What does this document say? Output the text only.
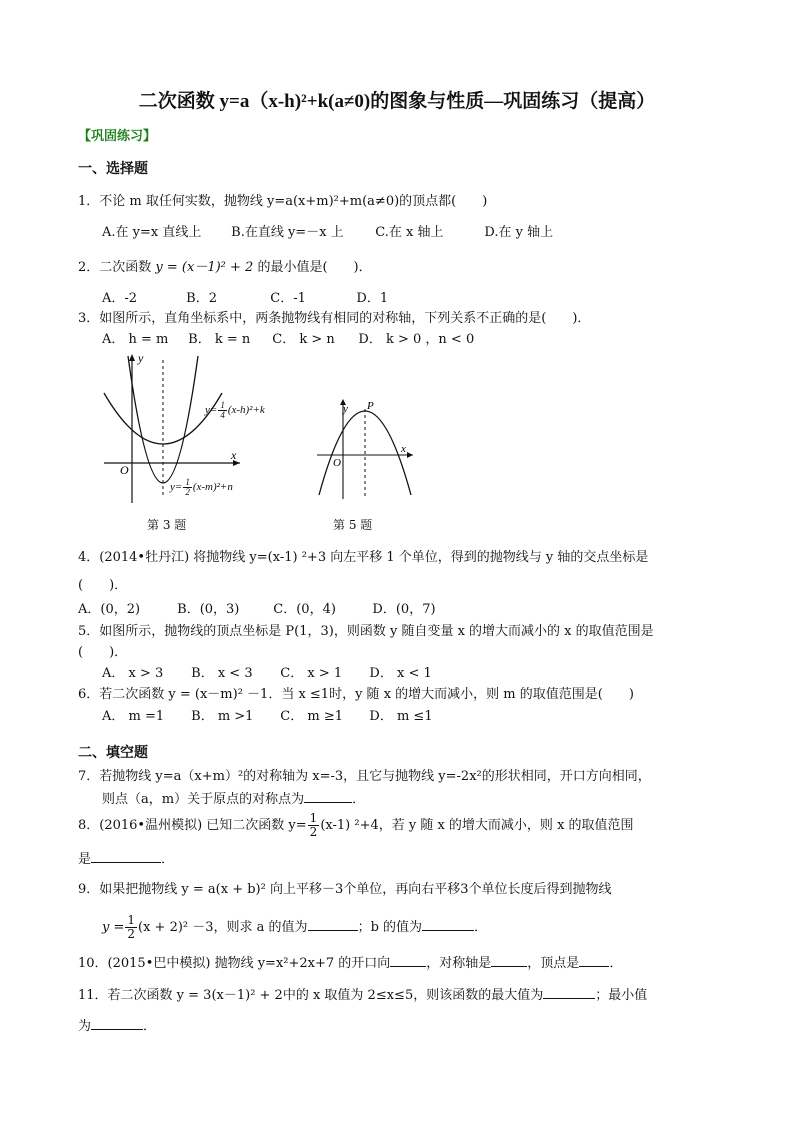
二次函数 y=a（x-h)²+k(a≠0)的图象与性质—巩固练习（提高）
【巩固练习】
一、选择题
1．不论 m 取任何实数，抛物线 y=a(x+m)²+m(a≠0)的顶点都(　　)
A.在 y=x 直线上 B.在直线 y=－x 上 C.在 x 轴上	D.在 y 轴上
2．二次函数 y = (x－1)² + 2 的最小值是(　　)．
A．-2	B．2	C．-1	D．1
3．如图所示，直角坐标系中，两条抛物线有相同的对称轴，下列关系不正确的是(　　)．
A． h = m B． k = n C． k > n D． k > 0 ，n < 0
y
x
O
$y= \frac{1}{4} (x-h)^2+k$
$y= \frac{1}{2} (x-m)^2+n$
第 3 题
y P
x
O
第 5 题
4．(2014•牡丹江) 将抛物线 y=(x-1) ²+3 向左平移 1 个单位，得到的抛物线与 y 轴的交点坐标是
(　　)．
A．(0，2)	B．(0，3)	C．(0，4)	D．(0，7)
5．如图所示，抛物线的顶点坐标是 P(1，3)，则函数 y 随自变量 x 的增大而减小的 x 的取值范围是
(　　)．
A． x > 3 B． x < 3 C． x > 1 D． x < 1
6．若二次函数 y = (x－m)² －1．当 x ≤1时，y 随 x 的增大而减小，则 m 的取值范围是(　　)
A． m =1 B． m >1 C． m ≥1 D． m ≤1
二、填空题
7．若抛物线 y=a（x+m）²的对称轴为 x=-3，且它与抛物线 y=-2x²的形状相同，开口方向相同，
则点（a，m）关于原点的对称点为	．
8．(2016•温州模拟) 已知二次函数 $y= \frac{1}{2} (x-1)$ ²+4，若 y 随 x 的增大而减小，则 x 的取值范围
是	．
9．如果把抛物线 y = a(x + b)² 向上平移－3个单位，再向右平移3个单位长度后得到抛物线
$y = \frac{1}{2} (x + 2)^2 -3$，则求 a 的值为	；b 的值为	．
10．(2015•巴中模拟) 抛物线 y=x²+2x+7 的开口向	，对称轴是	，顶点是 ．
11．若二次函数 y = 3(x－1)² + 2中的 x 取值为 2≤x≤5，则该函数的最大值为	；最小值
为	．
